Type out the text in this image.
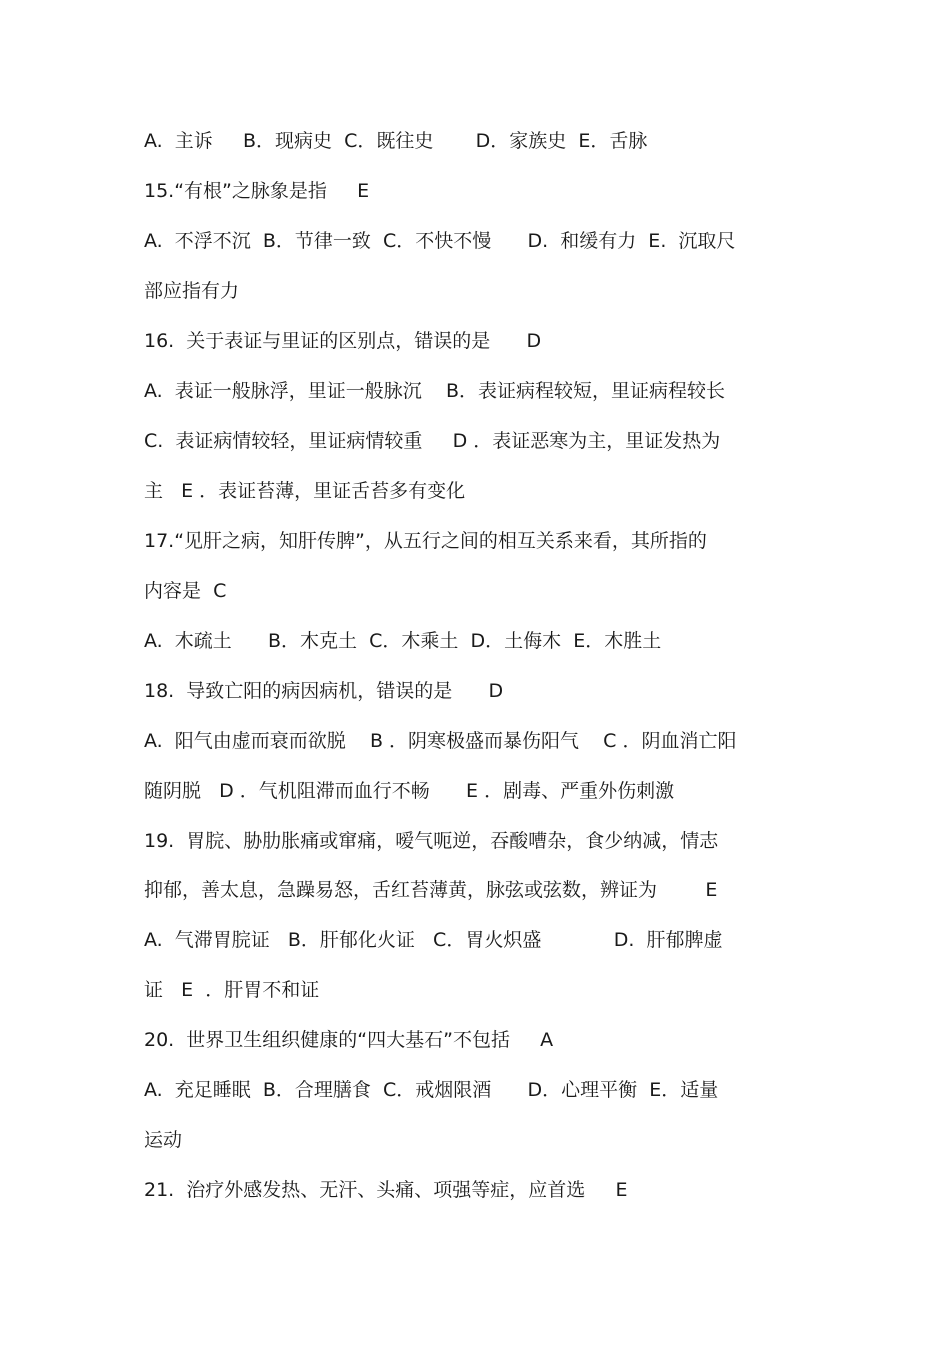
A.  主诉     B．现病史  C．既往史       D．家族史  E．舌脉
15.“有根”之脉象是指     E
A.  不浮不沉  B．节律一致  C．不快不慢      D.  和缓有力  E.  沉取尺
部应指有力
16.  关于表证与里证的区别点，错误的是      D
A.  表证一般脉浮，里证一般脉沉    B．表证病程较短，里证病程较长
C.  表证病情较轻，里证病情较重     D ．表证恶寒为主，里证发热为
主   E ．表证苔薄，里证舌苔多有变化
17.“见肝之病，知肝传脾”，从五行之间的相互关系来看，其所指的
内容是  C
A.  木疏土      B．木克土  C．木乘土  D．土侮木  E．木胜土
18.  导致亡阳的病因病机，错误的是      D
A.  阳气由虚而衰而欲脱    B ．阴寒极盛而暴伤阳气    C ．阴血消亡阳
随阴脱   D ．气机阻滞而血行不畅      E ．剧毒、严重外伤刺激
19.  胃脘、胁肋胀痛或窜痛，嗳气呃逆，吞酸嘈杂，食少纳减，情志
抑郁，善太息，急躁易怒，舌红苔薄黄，脉弦或弦数，辨证为        E
A.  气滞胃脘证   B．肝郁化火证   C．胃火炽盛            D.  肝郁脾虚
证   E  ．肝胃不和证
20.  世界卫生组织健康的“四大基石”不包括     A
A.  充足睡眠  B．合理膳食  C．戒烟限酒      D．心理平衡  E．适量
运动
21.  治疗外感发热、无汗、头痛、项强等症，应首选     E
